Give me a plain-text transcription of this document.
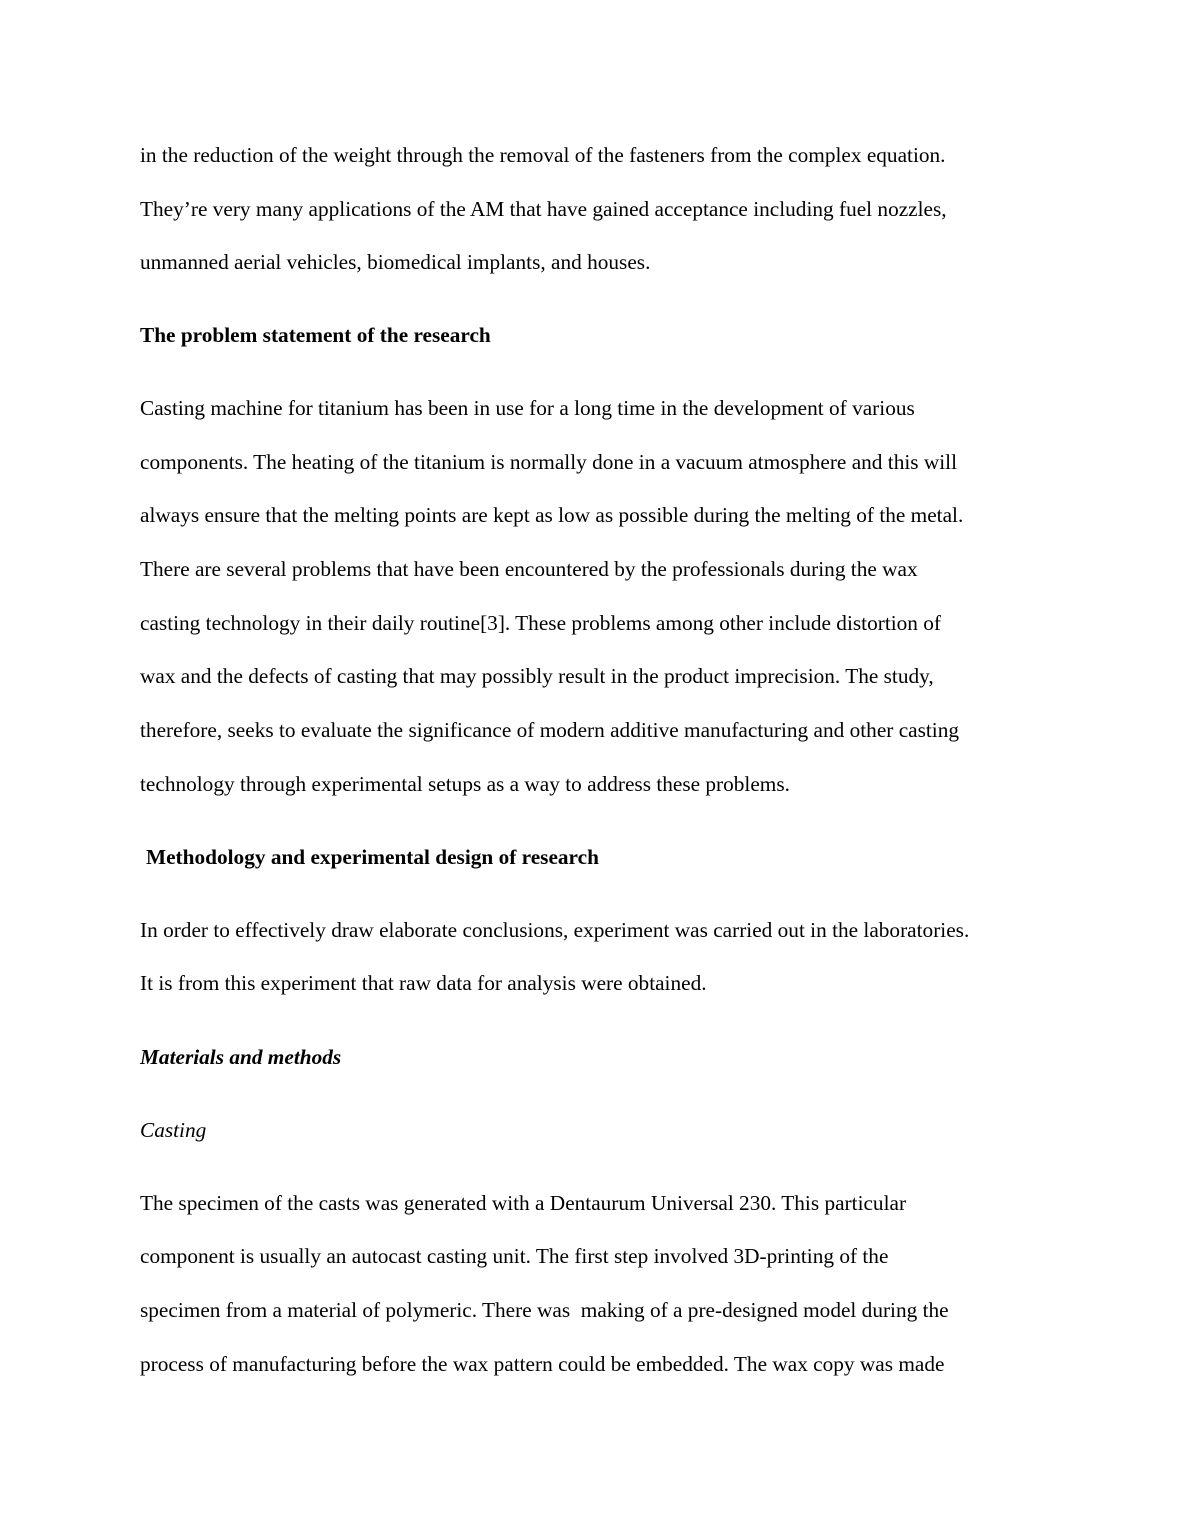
in the reduction of the weight through the removal of the fasteners from the complex equation.

They’re very many applications of the AM that have gained acceptance including fuel nozzles,

unmanned aerial vehicles, biomedical implants, and houses.

The problem statement of the research

Casting machine for titanium has been in use for a long time in the development of various

components. The heating of the titanium is normally done in a vacuum atmosphere and this will

always ensure that the melting points are kept as low as possible during the melting of the metal.

There are several problems that have been encountered by the professionals during the wax

casting technology in their daily routine[3]. These problems among other include distortion of

wax and the defects of casting that may possibly result in the product imprecision. The study,

therefore, seeks to evaluate the significance of modern additive manufacturing and other casting

technology through experimental setups as a way to address these problems.

Methodology and experimental design of research

In order to effectively draw elaborate conclusions, experiment was carried out in the laboratories.

It is from this experiment that raw data for analysis were obtained.

Materials and methods
Casting

The specimen of the casts was generated with a Dentaurum Universal 230. This particular

component is usually an autocast casting unit. The first step involved 3D-printing of the

specimen from a material of polymeric. There was  making of a pre-designed model during the

process of manufacturing before the wax pattern could be embedded. The wax copy was made
